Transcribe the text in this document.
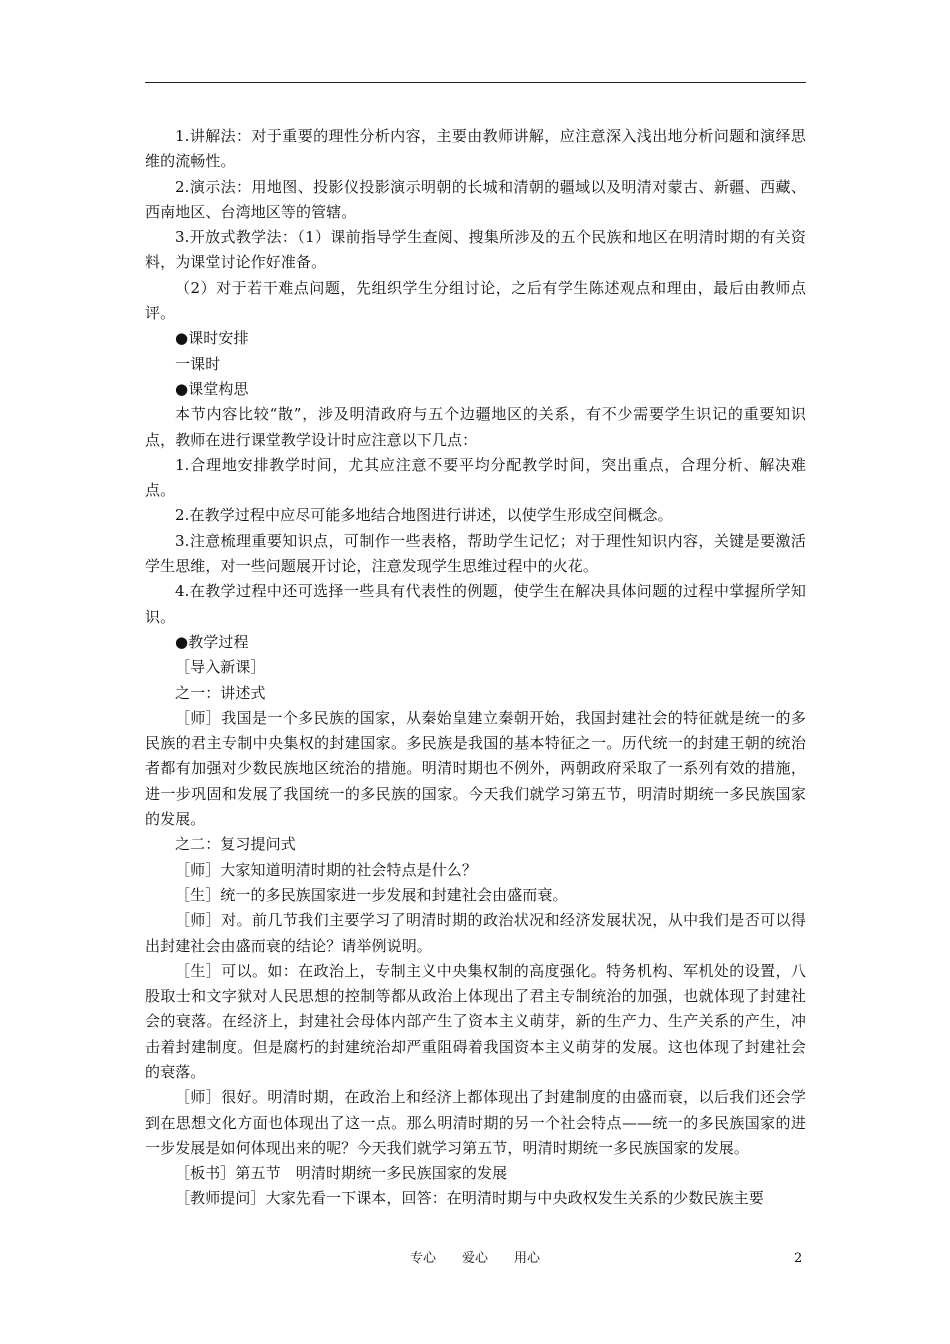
1.讲解法：对于重要的理性分析内容，主要由教师讲解，应注意深入浅出地分析问题和演绎思维的流畅性。

2.演示法：用地图、投影仪投影演示明朝的长城和清朝的疆域以及明清对蒙古、新疆、西藏、西南地区、台湾地区等的管辖。

3.开放式教学法：（1）课前指导学生查阅、搜集所涉及的五个民族和地区在明清时期的有关资料，为课堂讨论作好准备。

（2）对于若干难点问题，先组织学生分组讨论，之后有学生陈述观点和理由，最后由教师点评。

●课时安排

一课时

●课堂构思

本节内容比较“散”，涉及明清政府与五个边疆地区的关系，有不少需要学生识记的重要知识点，教师在进行课堂教学设计时应注意以下几点：

1.合理地安排教学时间，尤其应注意不要平均分配教学时间，突出重点，合理分析、解决难点。

2.在教学过程中应尽可能多地结合地图进行讲述，以使学生形成空间概念。

3.注意梳理重要知识点，可制作一些表格，帮助学生记忆；对于理性知识内容，关键是要激活学生思维，对一些问题展开讨论，注意发现学生思维过程中的火花。

4.在教学过程中还可选择一些具有代表性的例题，使学生在解决具体问题的过程中掌握所学知识。

●教学过程

［导入新课］

之一：讲述式

［师］我国是一个多民族的国家，从秦始皇建立秦朝开始，我国封建社会的特征就是统一的多民族的君主专制中央集权的封建国家。多民族是我国的基本特征之一。历代统一的封建王朝的统治者都有加强对少数民族地区统治的措施。明清时期也不例外，两朝政府采取了一系列有效的措施，进一步巩固和发展了我国统一的多民族的国家。今天我们就学习第五节，明清时期统一多民族国家的发展。

之二：复习提问式

［师］大家知道明清时期的社会特点是什么？

［生］统一的多民族国家进一步发展和封建社会由盛而衰。

［师］对。前几节我们主要学习了明清时期的政治状况和经济发展状况，从中我们是否可以得出封建社会由盛而衰的结论？请举例说明。

［生］可以。如：在政治上，专制主义中央集权制的高度强化。特务机构、军机处的设置，八股取士和文字狱对人民思想的控制等都从政治上体现出了君主专制统治的加强，也就体现了封建社会的衰落。在经济上，封建社会母体内部产生了资本主义萌芽，新的生产力、生产关系的产生，冲击着封建制度。但是腐朽的封建统治却严重阻碍着我国资本主义萌芽的发展。这也体现了封建社会的衰落。

［师］很好。明清时期，在政治上和经济上都体现出了封建制度的由盛而衰，以后我们还会学到在思想文化方面也体现出了这一点。那么明清时期的另一个社会特点——统一的多民族国家的进一步发展是如何体现出来的呢？今天我们就学习第五节，明清时期统一多民族国家的发展。

［板书］第五节　明清时期统一多民族国家的发展

［教师提问］大家先看一下课本，回答：在明清时期与中央政权发生关系的少数民族主要

专心　　爱心　　用心	2
